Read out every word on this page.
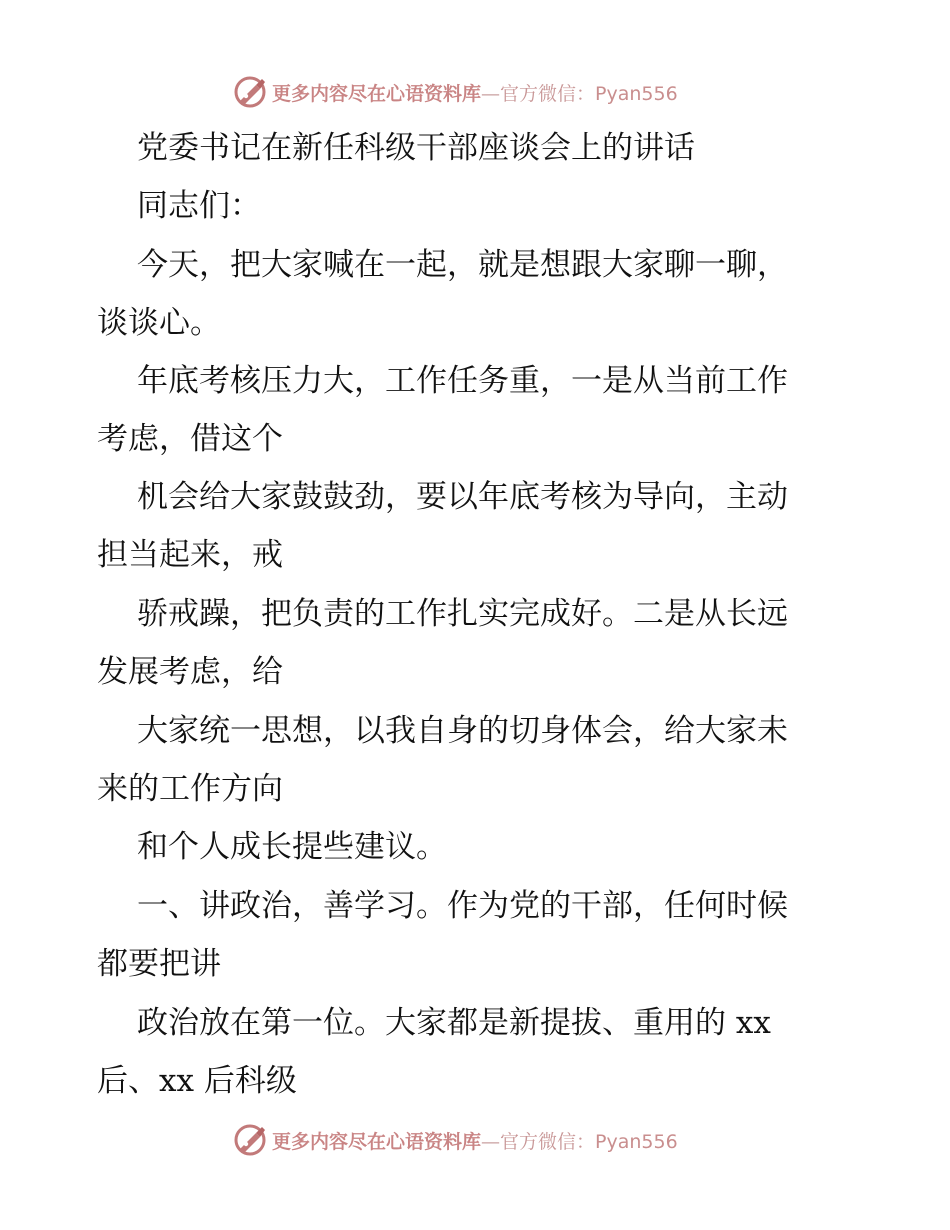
更多内容尽在心语资料库—官方微信：Pyan556
党委书记在新任科级干部座谈会上的讲话
同志们：
今天，把大家喊在一起，就是想跟大家聊一聊，
谈谈心。
年底考核压力大，工作任务重，一是从当前工作
考虑，借这个
机会给大家鼓鼓劲，要以年底考核为导向，主动
担当起来，戒
骄戒躁，把负责的工作扎实完成好。二是从长远
发展考虑，给
大家统一思想，以我自身的切身体会，给大家未
来的工作方向
和个人成长提些建议。
一、讲政治，善学习。作为党的干部，任何时候
都要把讲
政治放在第一位。大家都是新提拔、重用的 xx
后、xx 后科级
更多内容尽在心语资料库—官方微信：Pyan556
